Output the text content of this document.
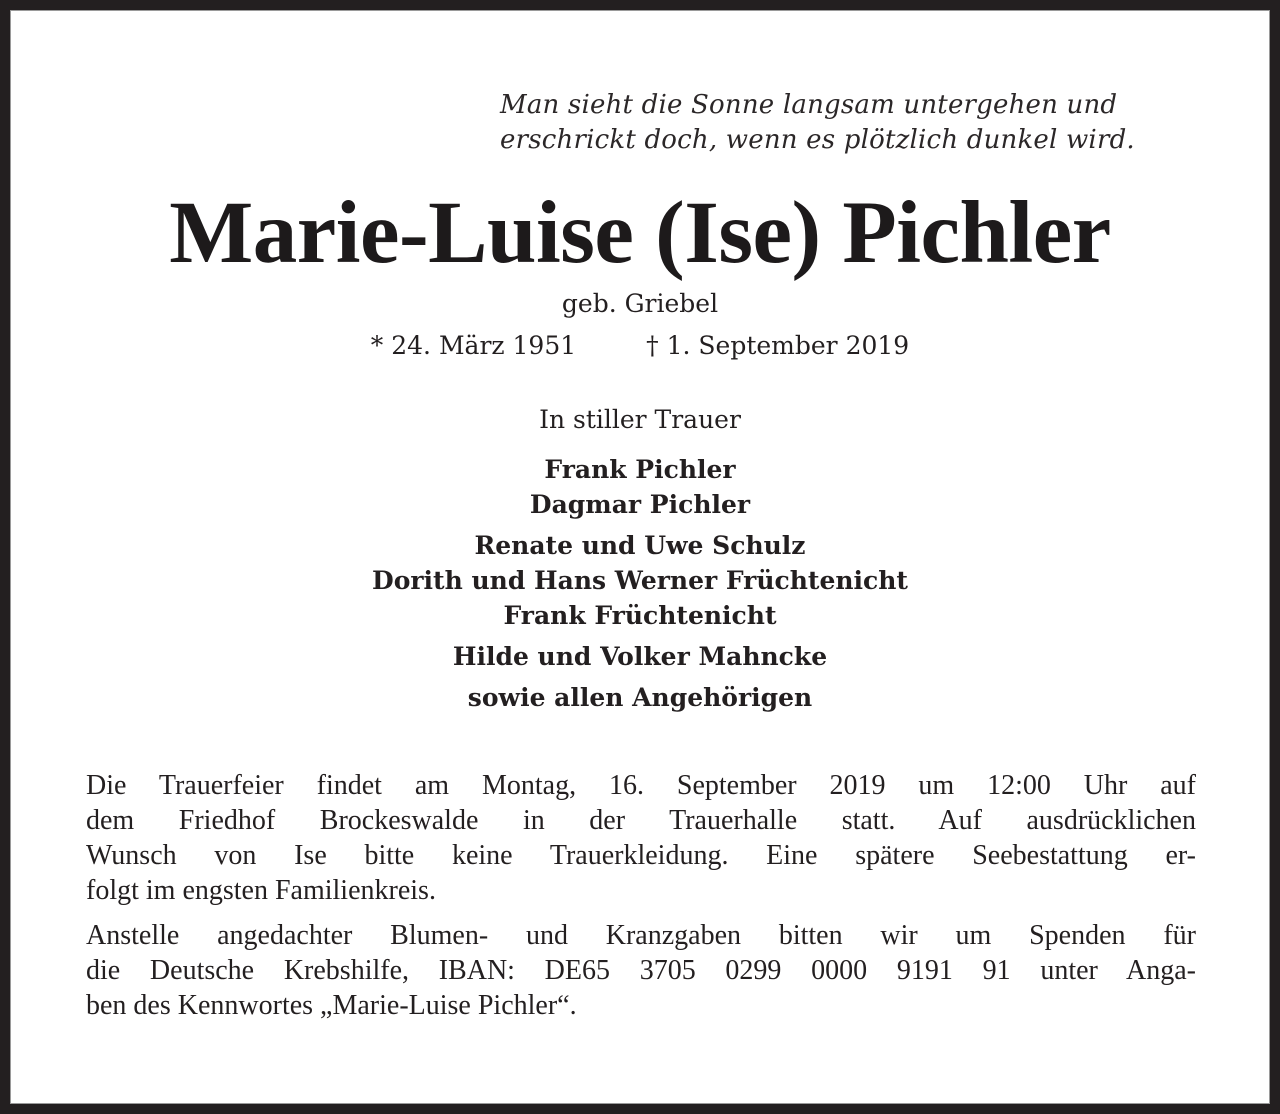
Man sieht die Sonne langsam untergehen und
erschrickt doch, wenn es plötzlich dunkel wird.
Marie-Luise (Ise) Pichler
geb. Griebel
* 24. März 1951	† 1. September 2019
In stiller Trauer
Frank Pichler
Dagmar Pichler
Renate und Uwe Schulz
Dorith und Hans Werner Früchtenicht
Frank Früchtenicht
Hilde und Volker Mahncke
sowie allen Angehörigen

Die Trauerfeier findet am Montag, 16. September 2019 um 12:00 Uhr auf
dem Friedhof Brockeswalde in der Trauerhalle statt. Auf ausdrücklichen
Wunsch von Ise bitte keine Trauerkleidung. Eine spätere Seebestattung er-
folgt im engsten Familienkreis.

Anstelle angedachter Blumen- und Kranzgaben bitten wir um Spenden für
die Deutsche Krebshilfe, IBAN: DE65 3705 0299 0000 9191 91 unter Anga-
ben des Kennwortes „Marie-Luise Pichler“.
